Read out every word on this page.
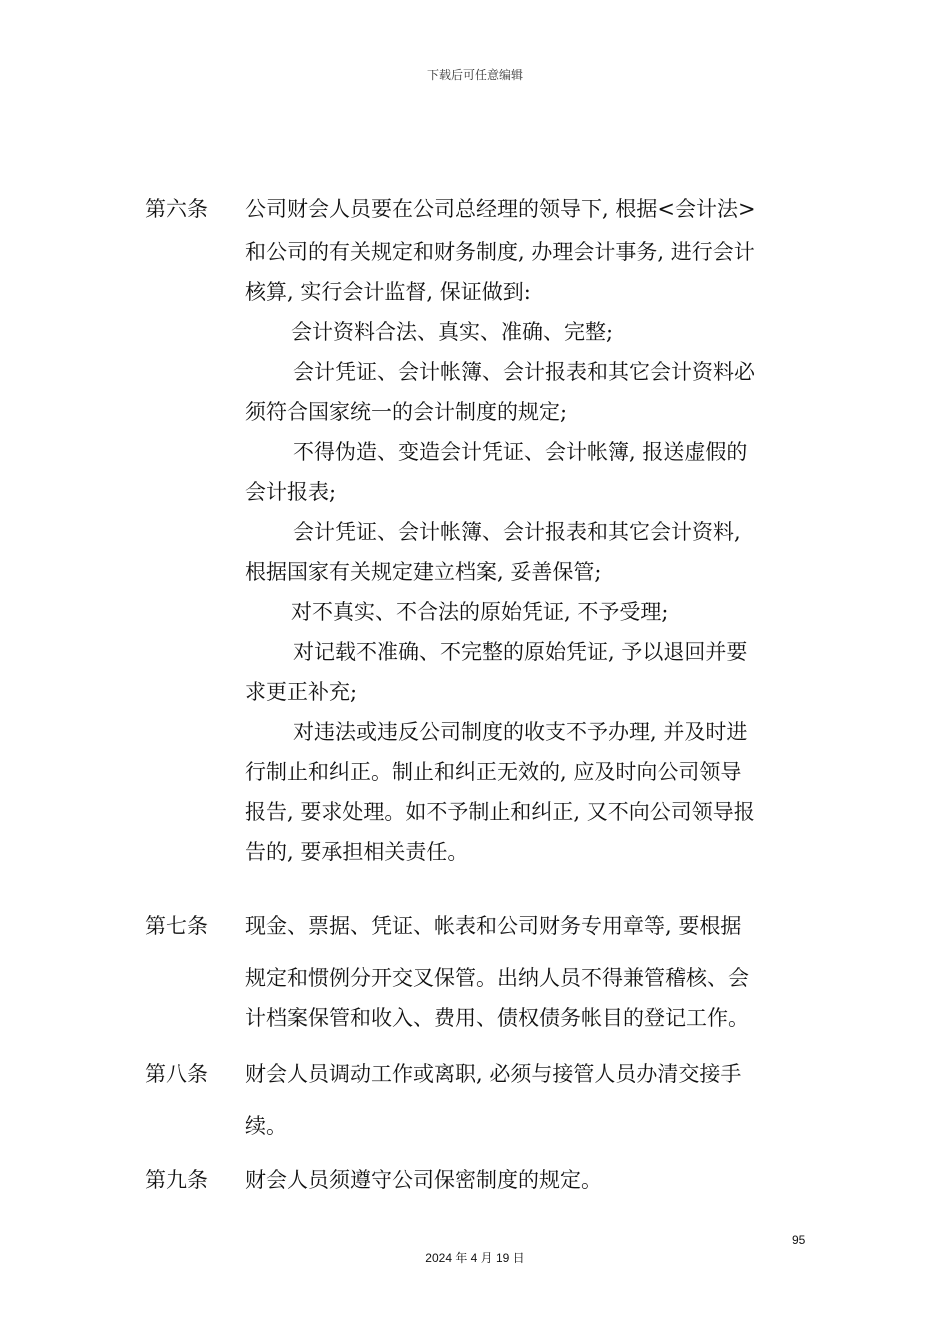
下载后可任意编辑
第六条 公司财会人员要在公司总经理的领导下, 根据<会计法>
和公司的有关规定和财务制度, 办理会计事务, 进行会计
核算, 实行会计监督, 保证做到:
会计资料合法、真实、准确、完整;
会计凭证、会计帐簿、会计报表和其它会计资料必
须符合国家统一的会计制度的规定;
不得伪造、变造会计凭证、会计帐簿, 报送虚假的
会计报表;
会计凭证、会计帐簿、会计报表和其它会计资料,
根据国家有关规定建立档案, 妥善保管;
对不真实、不合法的原始凭证, 不予受理;
对记载不准确、不完整的原始凭证, 予以退回并要
求更正补充;
对违法或违反公司制度的收支不予办理, 并及时进
行制止和纠正。制止和纠正无效的, 应及时向公司领导
报告, 要求处理。如不予制止和纠正, 又不向公司领导报
告的, 要承担相关责任。
第七条 现金、票据、凭证、帐表和公司财务专用章等, 要根据
规定和惯例分开交叉保管。出纳人员不得兼管稽核、会
计档案保管和收入、费用、债权债务帐目的登记工作。
第八条 财会人员调动工作或离职, 必须与接管人员办清交接手
续。
第九条 财会人员须遵守公司保密制度的规定。
95
2024 年 4 月 19 日
